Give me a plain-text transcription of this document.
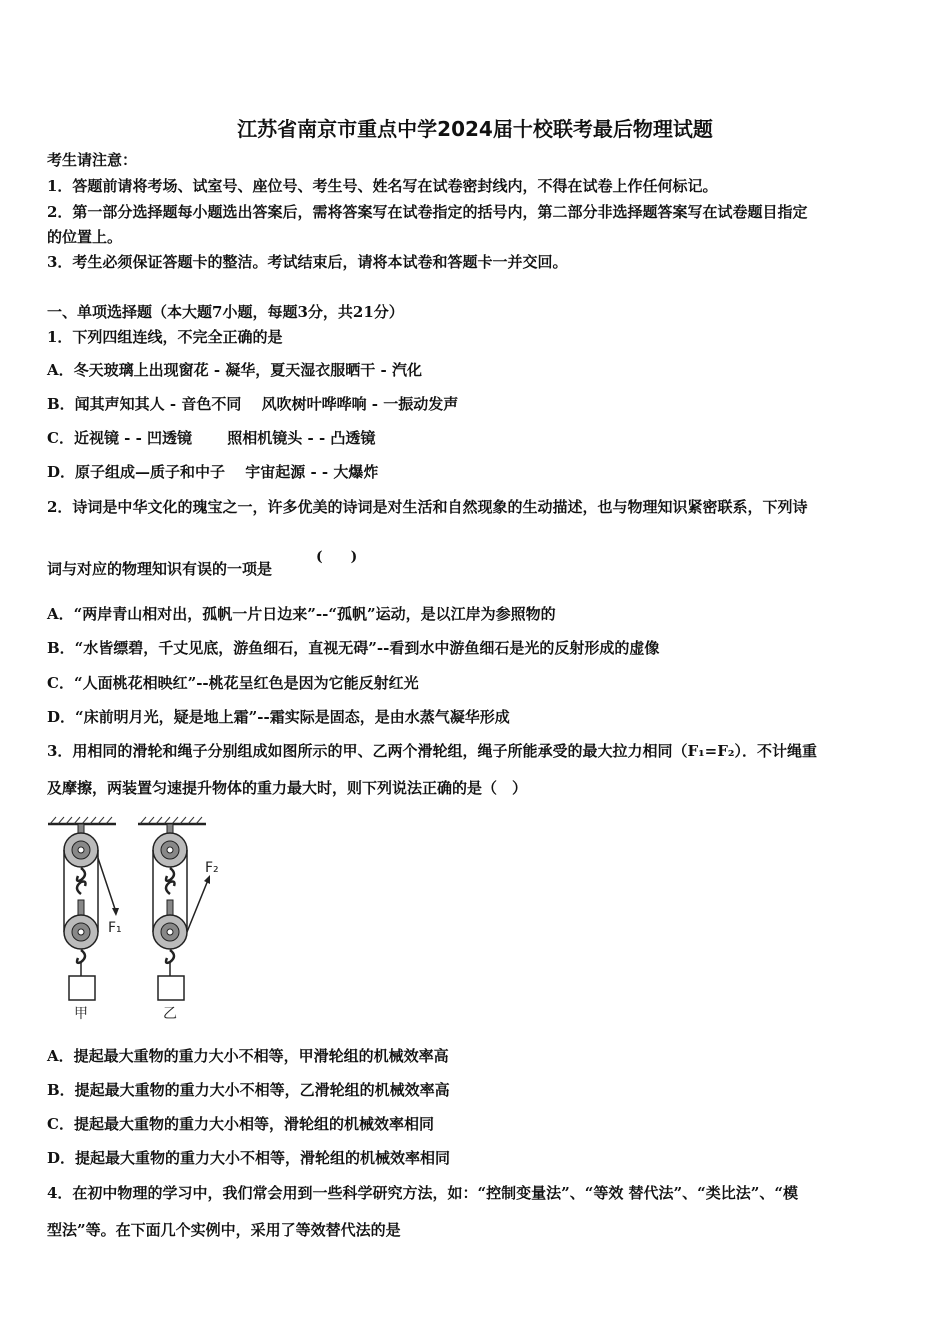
江苏省南京市重点中学2024届十校联考最后物理试题
考生请注意：
1．答题前请将考场、试室号、座位号、考生号、姓名写在试卷密封线内，不得在试卷上作任何标记。
2．第一部分选择题每小题选出答案后，需将答案写在试卷指定的括号内，第二部分非选择题答案写在试卷题目指定
的位置上。
3．考生必须保证答题卡的整洁。考试结束后，请将本试卷和答题卡一并交回。
一、单项选择题（本大题7小题，每题3分，共21分）
1．下列四组连线，不完全正确的是
A．冬天玻璃上出现窗花 - 凝华，夏天湿衣服晒干 - 汽化
B．闻其声知其人 - 音色不同　 风吹树叶哗哗响 - 一振动发声
C．近视镜 - - 凹透镜　　 照相机镜头 - - 凸透镜
D．原子组成—质子和中子　 宇宙起源 - - 大爆炸
2．诗词是中华文化的瑰宝之一，许多优美的诗词是对生活和自然现象的生动描述，也与物理知识紧密联系，下列诗
词与对应的物理知识有误的一项是
(　　)
A．“两岸青山相对出，孤帆一片日边来”--“孤帆”运动，是以江岸为参照物的
B．“水皆缥碧，千丈见底，游鱼细石，直视无碍”--看到水中游鱼细石是光的反射形成的虚像
C．“人面桃花相映红”--桃花呈红色是因为它能反射红光
D．“床前明月光，疑是地上霜”--霜实际是固态，是由水蒸气凝华形成
3．用相同的滑轮和绳子分别组成如图所示的甲、乙两个滑轮组，绳子所能承受的最大拉力相同（F₁=F₂）．不计绳重
及摩擦，两装置匀速提升物体的重力最大时，则下列说法正确的是（　）
F₁
甲
F₂
乙
A．提起最大重物的重力大小不相等，甲滑轮组的机械效率高
B．提起最大重物的重力大小不相等，乙滑轮组的机械效率高
C．提起最大重物的重力大小相等，滑轮组的机械效率相同
D．提起最大重物的重力大小不相等，滑轮组的机械效率相同
4．在初中物理的学习中，我们常会用到一些科学研究方法，如：“控制变量法”、“等效 替代法”、“类比法”、“模
型法”等。在下面几个实例中，采用了等效替代法的是
